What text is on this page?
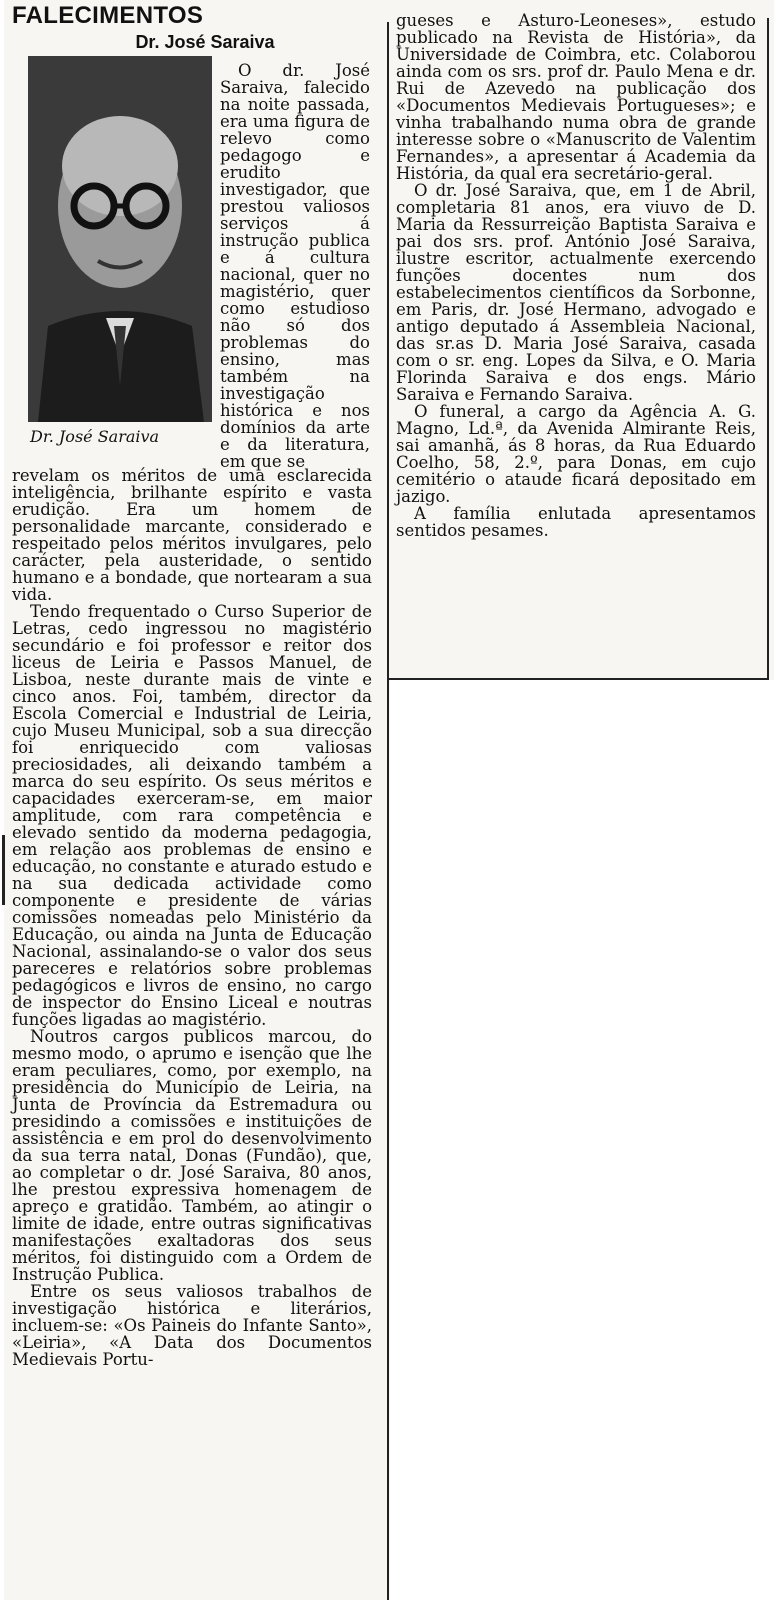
FALECIMENTOS
Dr. José Saraiva
Dr. José Saraiva

O dr. José Saraiva, falecido na noite passada, era uma figura de relevo como pedagogo e erudito investigador, que prestou valiosos serviços á instrução publica e á cultura nacional, quer no magistério, quer como estudioso não só dos problemas do ensino, mas também na investigação histórica e nos domínios da arte e da literatura, em que se

revelam os méritos de uma esclarecida inteligência, brilhante espírito e vasta erudição. Era um homem de personalidade marcante, considerado e respeitado pelos méritos invulgares, pelo carácter, pela austeridade, o sentido humano e a bondade, que nortearam a sua vida.

Tendo frequentado o Curso Superior de Letras, cedo ingressou no magistério secundário e foi professor e reitor dos liceus de Leiria e Passos Manuel, de Lisboa, neste durante mais de vinte e cinco anos. Foi, também, director da Escola Comercial e Industrial de Leiria, cujo Museu Municipal, sob a sua direcção foi enriquecido com valiosas preciosidades, ali deixando também a marca do seu espírito. Os seus méritos e capacidades exerceram-se, em maior amplitude, com rara competência e elevado sentido da moderna pedagogia, em relação aos problemas de ensino e educação, no constante e aturado estudo e na sua dedicada actividade como componente e presidente de várias comissões nomeadas pelo Ministério da Educação, ou ainda na Junta de Educação Nacional, assinalando-se o valor dos seus pareceres e relatórios sobre problemas pedagógicos e livros de ensino, no cargo de inspector do Ensino Liceal e noutras funções ligadas ao magistério.

Noutros cargos publicos marcou, do mesmo modo, o aprumo e isenção que lhe eram peculiares, como, por exemplo, na presidência do Município de Leiria, na Junta de Província da Estremadura ou presidindo a comissões e instituições de assistência e em prol do desenvolvimento da sua terra natal, Donas (Fundão), que, ao completar o dr. José Saraiva, 80 anos, lhe prestou expressiva homenagem de apreço e gratidão. Também, ao atingir o limite de idade, entre outras significativas manifestações exaltadoras dos seus méritos, foi distinguido com a Ordem de Instrução Publica.

Entre os seus valiosos trabalhos de investigação histórica e literários, incluem-se: «Os Paineis do Infante Santo», «Leiria», «A Data dos Documentos Medievais Portu-

gueses e Asturo-Leoneses», estudo publicado na Revista de História», da Universidade de Coimbra, etc. Colaborou ainda com os srs. prof dr. Paulo Mena e dr. Rui de Azevedo na publicação dos «Documentos Medievais Portugueses»; e vinha trabalhando numa obra de grande interesse sobre o «Manuscrito de Valentim Fernandes», a apresentar á Academia da História, da qual era secretário-geral.

O dr. José Saraiva, que, em 1 de Abril, completaria 81 anos, era viuvo de D. Maria da Ressurreição Baptista Saraiva e pai dos srs. prof. António José Saraiva, ilustre escritor, actualmente exercendo funções docentes num dos estabelecimentos científicos da Sorbonne, em Paris, dr. José Hermano, advogado e antigo deputado á Assembleia Nacional, das sr.as D. Maria José Saraiva, casada com o sr. eng. Lopes da Silva, e O. Maria Florinda Saraiva e dos engs. Mário Saraiva e Fernando Saraiva.

O funeral, a cargo da Agência A. G. Magno, Ld.ª, da Avenida Almirante Reis, sai amanhã, ás 8 horas, da Rua Eduardo Coelho, 58, 2.º, para Donas, em cujo cemitério o ataude ficará depositado em jazigo.

A família enlutada apresentamos sentidos pesames.
